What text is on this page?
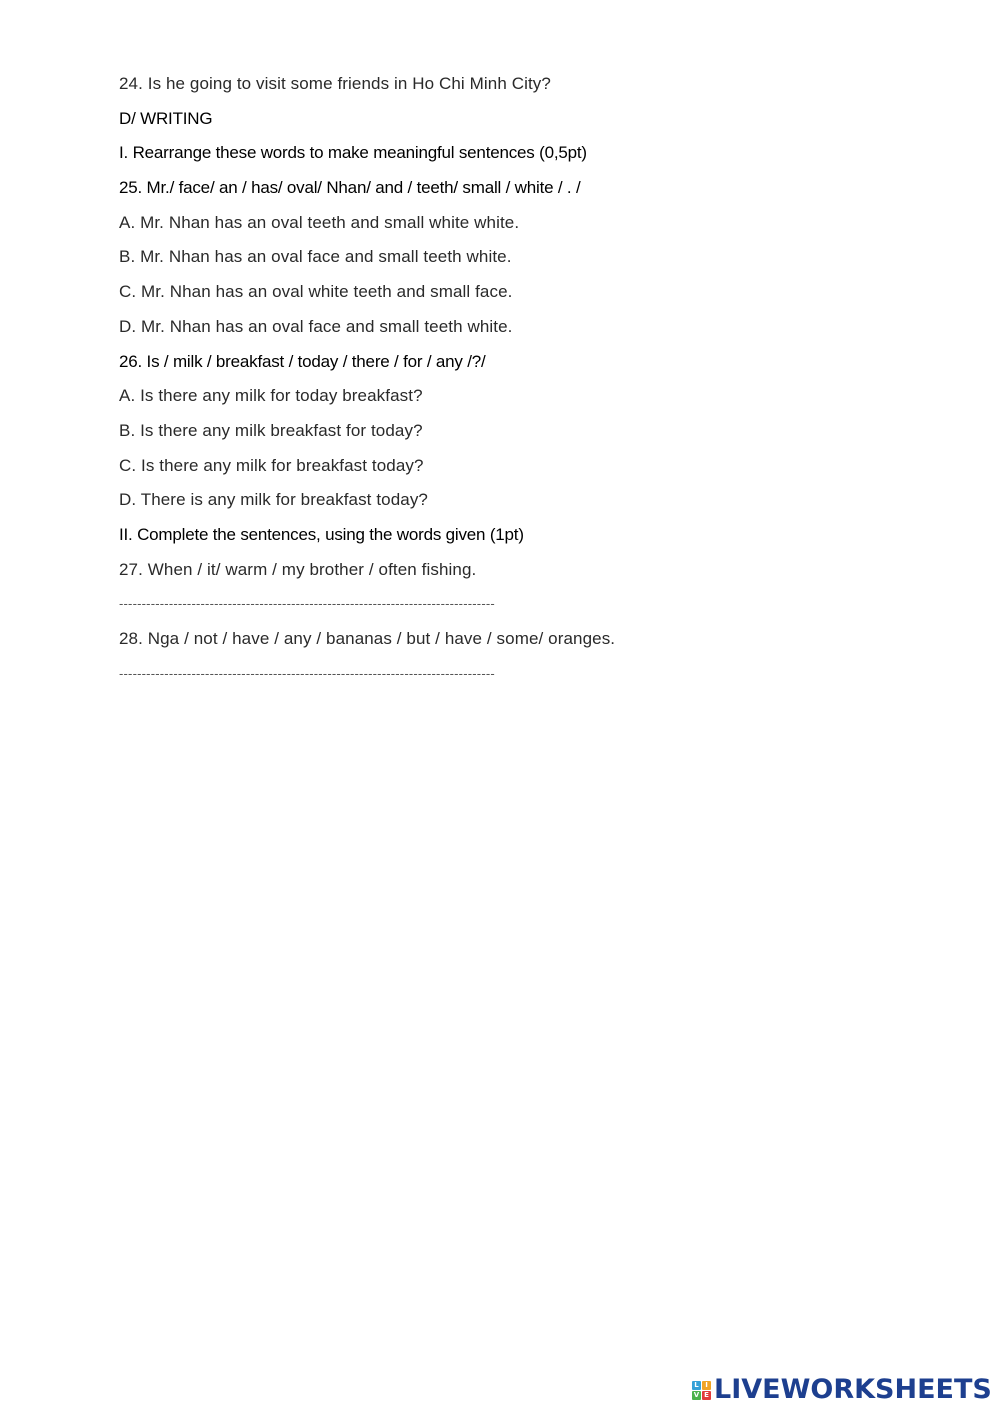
24. Is he going to visit some friends in Ho Chi Minh City?
D/ WRITING
I. Rearrange these words to make meaningful sentences (0,5pt)
25. Mr./ face/ an / has/ oval/ Nhan/ and / teeth/ small / white / . /
A. Mr. Nhan has an oval teeth and small white white.
B. Mr. Nhan has an oval face and small teeth white.
C. Mr. Nhan has an oval white teeth and small face.
D. Mr. Nhan has an oval face and small teeth white.
26. Is / milk / breakfast / today / there / for / any /?/
A. Is there any milk for today breakfast?
B. Is there any milk breakfast for today?
C. Is there any milk for breakfast today?
D. There is any milk for breakfast today?
II. Complete the sentences, using the words given (1pt)
27. When / it/ warm / my brother / often fishing.
-----------------------------------------------------------------------------------
28. Nga / not / have / any / bananas / but / have / some/ oranges.
-----------------------------------------------------------------------------------
L I
V E LIVEWORKSHEETS
